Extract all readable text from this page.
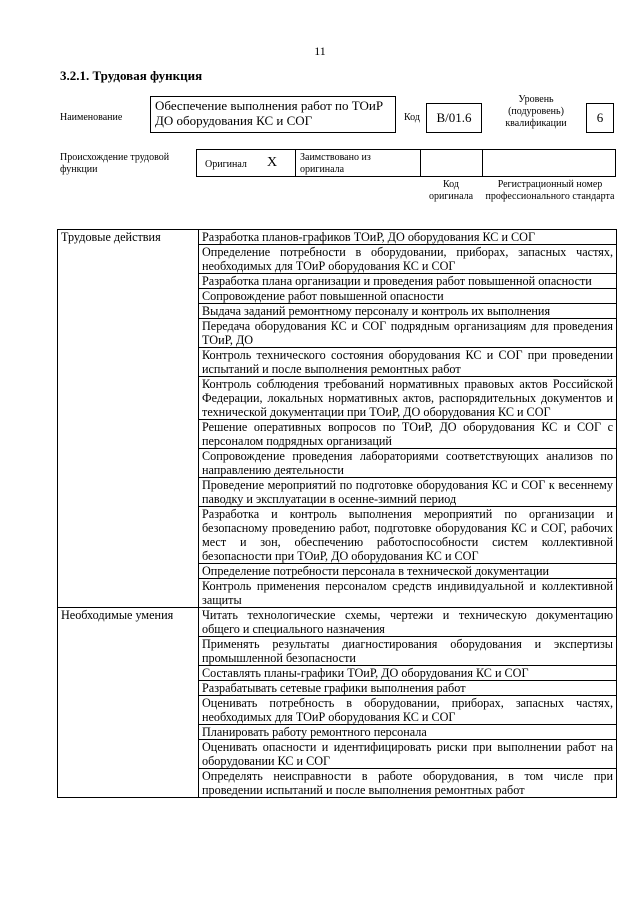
11
3.2.1. Трудовая функция
Наименование
Обеспечение выполнения работ по ТОиР ДО оборудования КС и СОГ	Код	В/01.6
Уровень (подуровень) квалификации	6
Происхождение трудовой функции	Оригинал	Х	Заимствовано из оригинала
Код оригинала
Регистрационный номер профессионального стандарта
Трудовые действия	Разработка планов-графиков ТОиР, ДО оборудования КС и СОГ
	Определение потребности в оборудовании, приборах, запасных частях, необходимых для ТОиР оборудования КС и СОГ
	Разработка плана организации и проведения работ повышенной опасности
	Сопровождение работ повышенной опасности
	Выдача заданий ремонтному персоналу и контроль их выполнения
	Передача оборудования КС и СОГ подрядным организациям для проведения ТОиР, ДО
	Контроль технического состояния оборудования КС и СОГ при проведении испытаний и после выполнения ремонтных работ
	Контроль соблюдения требований нормативных правовых актов Российской Федерации, локальных нормативных актов, распорядительных документов и технической документации при ТОиР, ДО оборудования КС и СОГ
	Решение оперативных вопросов по ТОиР, ДО оборудования КС и СОГ с персоналом подрядных организаций
	Сопровождение проведения лабораториями соответствующих анализов по направлению деятельности
	Проведение мероприятий по подготовке оборудования КС и СОГ к весеннему паводку и эксплуатации в осенне-зимний период
	Разработка и контроль выполнения мероприятий по организации и безопасному проведению работ, подготовке оборудования КС и СОГ, рабочих мест и зон, обеспечению работоспособности систем коллективной безопасности при ТОиР, ДО оборудования КС и СОГ
	Определение потребности персонала в технической документации
	Контроль применения персоналом средств индивидуальной и коллективной защиты
Необходимые умения	Читать технологические схемы, чертежи и техническую документацию общего и специального назначения
	Применять результаты диагностирования оборудования и экспертизы промышленной безопасности
	Составлять планы-графики ТОиР, ДО оборудования КС и СОГ
	Разрабатывать сетевые графики выполнения работ
	Оценивать потребность в оборудовании, приборах, запасных частях, необходимых для ТОиР оборудования КС и СОГ
	Планировать работу ремонтного персонала
	Оценивать опасности и идентифицировать риски при выполнении работ на оборудовании КС и СОГ
	Определять неисправности в работе оборудования, в том числе при проведении испытаний и после выполнения ремонтных работ
